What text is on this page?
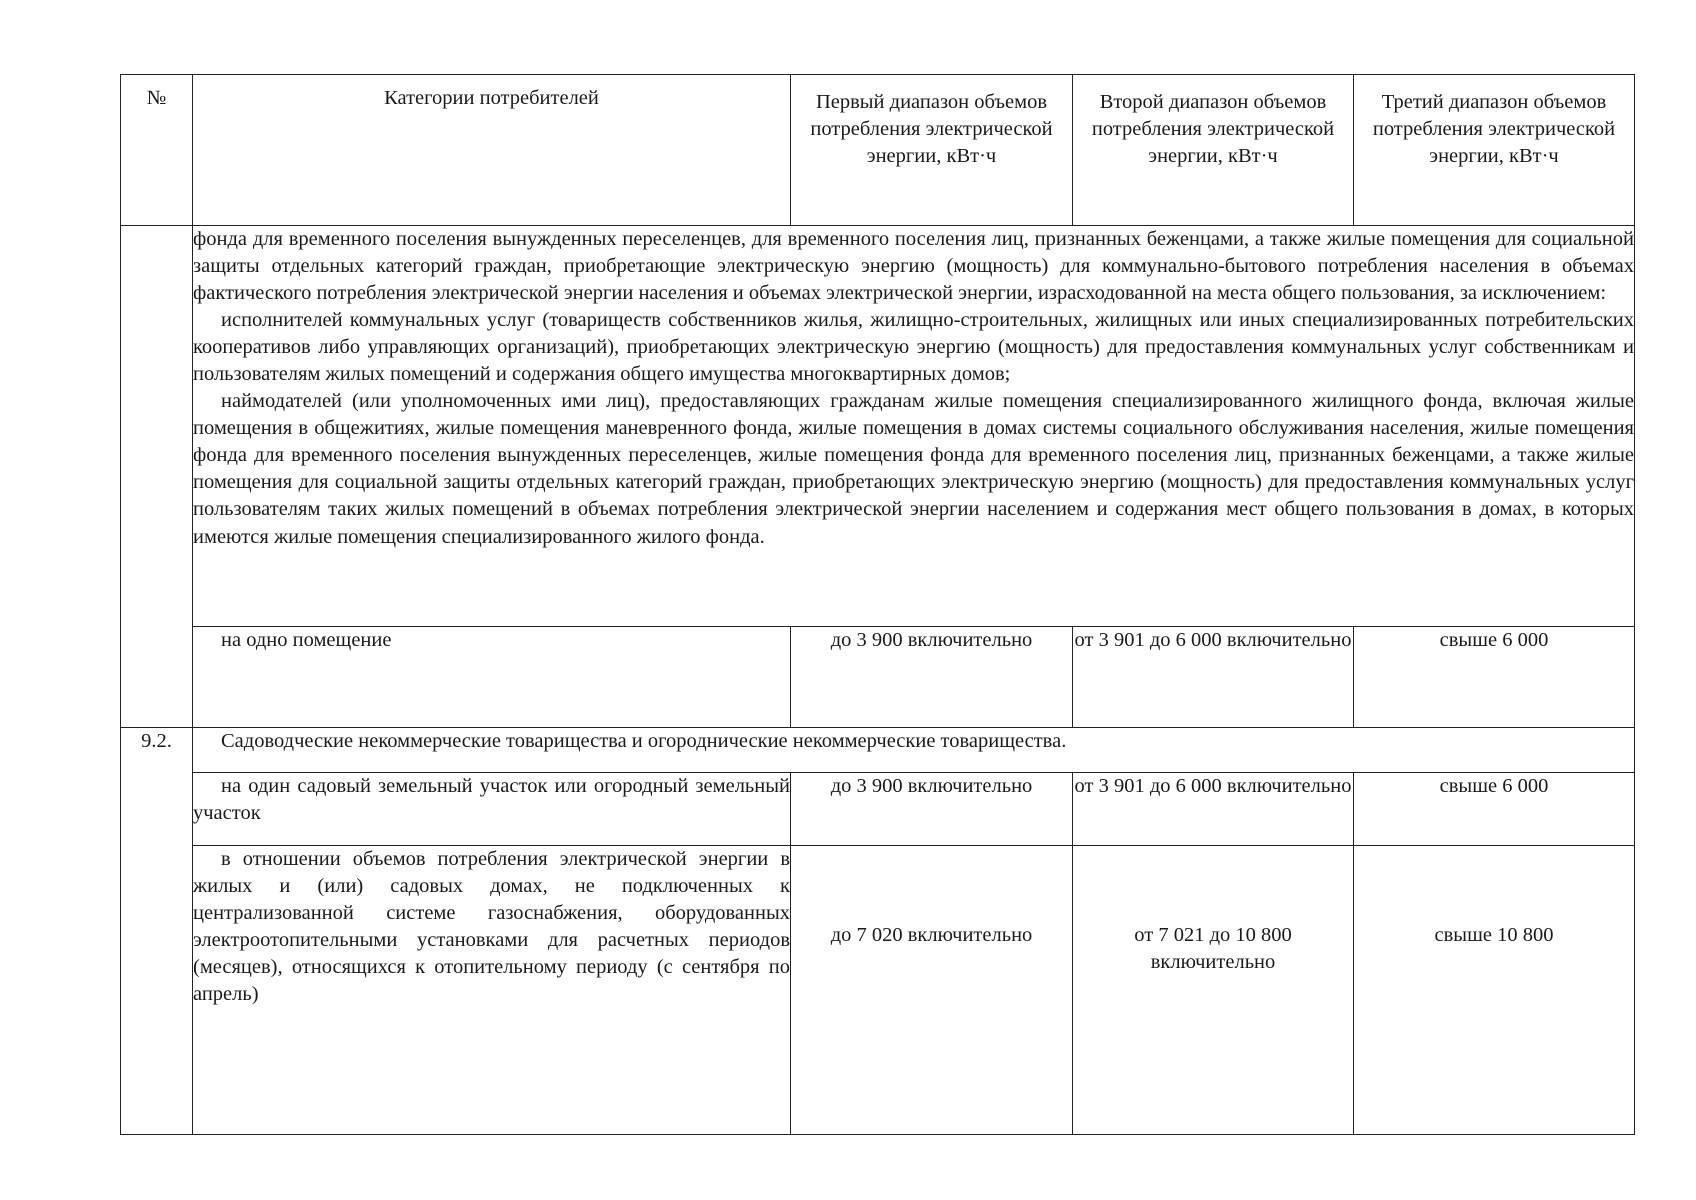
№	Категории потребителей	Первый диапазон объемов потребления электрической энергии, кВт·ч	Второй диапазон объемов потребления электрической энергии, кВт·ч	Третий диапазон объемов потребления электрической энергии, кВт·ч

	фонда для временного поселения вынужденных переселенцев, для временного поселения лиц, признанных беженцами, а также жилые помещения для социальной защиты отдельных категорий граждан, приобретающие электрическую энергию (мощность) для коммунально-бытового потребления населения в объемах фактического потребления электрической энергии населения и объемах электрической энергии, израсходованной на места общего пользования, за исключением:

исполнителей коммунальных услуг (товариществ собственников жилья, жилищно-строительных, жилищных или иных специализированных потребительских кооперативов либо управляющих организаций), приобретающих электрическую энергию (мощность) для предоставления коммунальных услуг собственникам и пользователям жилых помещений и содержания общего имущества многоквартирных домов;

наймодателей (или уполномоченных ими лиц), предоставляющих гражданам жилые помещения специализированного жилищного фонда, включая жилые помещения в общежитиях, жилые помещения маневренного фонда, жилые помещения в домах системы социального обслуживания населения, жилые помещения фонда для временного поселения вынужденных переселенцев, жилые помещения фонда для временного поселения лиц, признанных беженцами, а также жилые помещения для социальной защиты отдельных категорий граждан, приобретающих электрическую энергию (мощность) для предоставления коммунальных услуг пользователям таких жилых помещений в объемах потребления электрической энергии населением и содержания мест общего пользования в домах, в которых имеются жилые помещения специализированного жилого фонда.			

	на одно помещение	до 3 900 включительно	от 3 901 до 6 000 включительно	свыше 6 000
9.2.	Садоводческие некоммерческие товарищества и огороднические некоммерческие товарищества.			
	на один садовый земельный участок или огородный земельный участок	до 3 900 включительно	от 3 901 до 6 000 включительно	свыше 6 000
	в отношении объемов потребления электрической энергии в жилых и (или) садовых домах, не подключенных к централизованной системе газоснабжения, оборудованных электроотопительными установками для расчетных периодов (месяцев), относящихся к отопительному периоду (с сентября по апрель)	до 7 020 включительно	от 7 021 до 10 800 включительно	свыше 10 800
